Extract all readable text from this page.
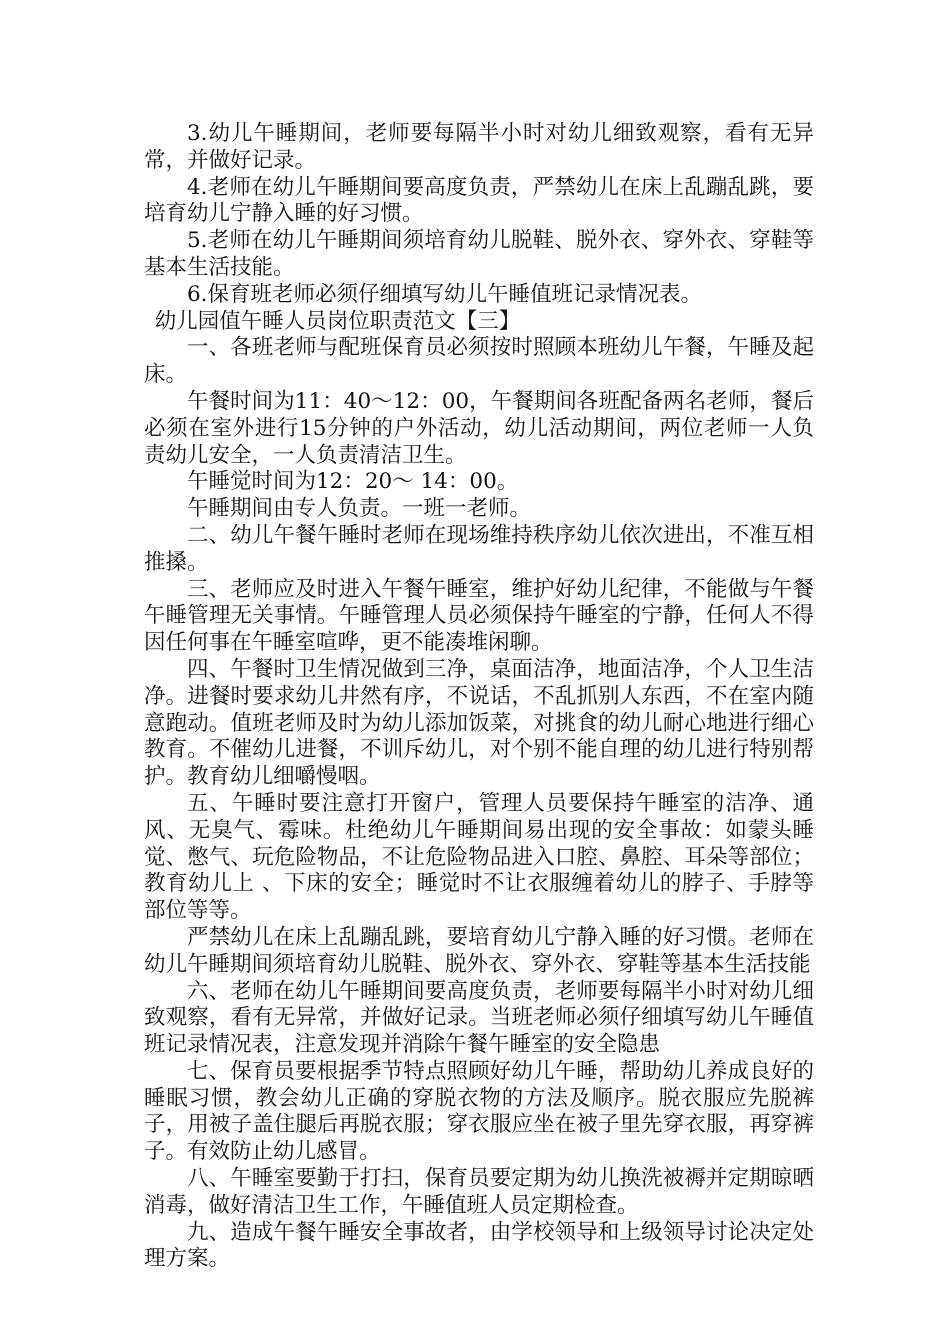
3.幼儿午睡期间，老师要每隔半小时对幼儿细致观察，看有无异常，并做好记录。

4.老师在幼儿午睡期间要高度负责，严禁幼儿在床上乱蹦乱跳，要培育幼儿宁静入睡的好习惯。

5.老师在幼儿午睡期间须培育幼儿脱鞋、脱外衣、穿外衣、穿鞋等基本生活技能。

6.保育班老师必须仔细填写幼儿午睡值班记录情况表。

幼儿园值午睡人员岗位职责范文【三】

一、各班老师与配班保育员必须按时照顾本班幼儿午餐，午睡及起床。

午餐时间为11：40～12：00，午餐期间各班配备两名老师，餐后必须在室外进行15分钟的户外活动，幼儿活动期间，两位老师一人负责幼儿安全，一人负责清洁卫生。

午睡觉时间为12：20～ 14：00。

午睡期间由专人负责。一班一老师。

二、幼儿午餐午睡时老师在现场维持秩序幼儿依次进出，不准互相推搡。

三、老师应及时进入午餐午睡室，维护好幼儿纪律，不能做与午餐午睡管理无关事情。午睡管理人员必须保持午睡室的宁静，任何人不得因任何事在午睡室喧哗，更不能凑堆闲聊。

四、午餐时卫生情况做到三净，桌面洁净，地面洁净，个人卫生洁净。进餐时要求幼儿井然有序，不说话，不乱抓别人东西，不在室内随意跑动。值班老师及时为幼儿添加饭菜，对挑食的幼儿耐心地进行细心教育。不催幼儿进餐，不训斥幼儿，对个别不能自理的幼儿进行特别帮护。教育幼儿细嚼慢咽。

五、午睡时要注意打开窗户，管理人员要保持午睡室的洁净、通风、无臭气、霉味。杜绝幼儿午睡期间易出现的安全事故：如蒙头睡觉、憋气、玩危险物品，不让危险物品进入口腔、鼻腔、耳朵等部位；教育幼儿上 、下床的安全；睡觉时不让衣服缠着幼儿的脖子、手脖等部位等等。

严禁幼儿在床上乱蹦乱跳，要培育幼儿宁静入睡的好习惯。老师在幼儿午睡期间须培育幼儿脱鞋、脱外衣、穿外衣、穿鞋等基本生活技能

六、老师在幼儿午睡期间要高度负责，老师要每隔半小时对幼儿细致观察，看有无异常，并做好记录。当班老师必须仔细填写幼儿午睡值班记录情况表，注意发现并消除午餐午睡室的安全隐患

七、保育员要根据季节特点照顾好幼儿午睡，帮助幼儿养成良好的睡眠习惯，教会幼儿正确的穿脱衣物的方法及顺序。脱衣服应先脱裤子，用被子盖住腿后再脱衣服；穿衣服应坐在被子里先穿衣服，再穿裤子。有效防止幼儿感冒。

八、午睡室要勤于打扫，保育员要定期为幼儿换洗被褥并定期晾晒消毒，做好清洁卫生工作，午睡值班人员定期检查。

九、造成午餐午睡安全事故者，由学校领导和上级领导讨论决定处理方案。
